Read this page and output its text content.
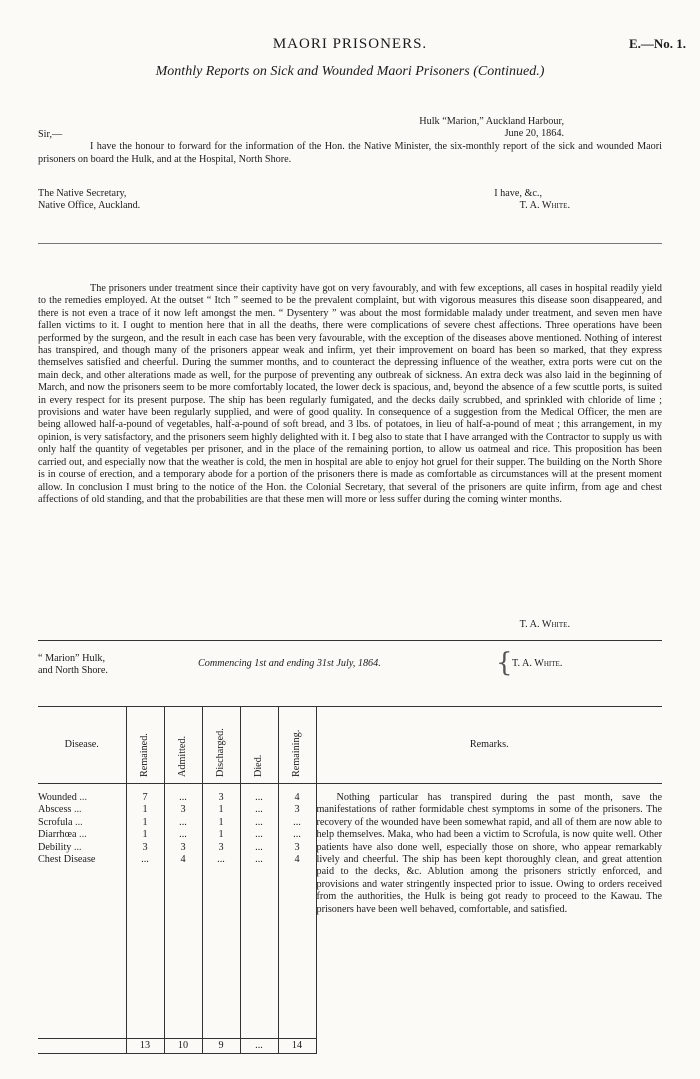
MAORI PRISONERS.	E.—No. 1.
Monthly Reports on Sick and Wounded Maori Prisoners (Continued.)

Hulk “Marion,” Auckland Harbour,

June 20, 1864.

Sir,—

I have the honour to forward for the information of the Hon. the Native Minister, the six-monthly report of the sick and wounded Maori prisoners on board the Hulk, and at the Hospital, North Shore.

The Native Secretary,	I have, &c.,
Native Office, Auckland.	T. A. White.

The prisoners under treatment since their captivity have got on very favourably, and with few exceptions, all cases in hospital readily yield to the remedies employed. At the outset “ Itch ” seemed to be the prevalent complaint, but with vigorous measures this disease soon disappeared, and there is not even a trace of it now left amongst the men. “ Dysentery ” was about the most formidable malady under treatment, and seven men have fallen victims to it. I ought to mention here that in all the deaths, there were complications of severe chest affections. Three operations have been performed by the surgeon, and the result in each case has been very favourable, with the exception of the diseases above mentioned. Nothing of interest has transpired, and though many of the prisoners appear weak and infirm, yet their improvement on board has been so marked, that they express themselves satisfied and cheerful. During the summer months, and to counteract the depressing influence of the weather, extra ports were cut on the main deck, and other alterations made as well, for the purpose of preventing any outbreak of sickness. An extra deck was also laid in the beginning of March, and now the prisoners seem to be more comfortably located, the lower deck is spacious, and, beyond the absence of a few scuttle ports, is suited in every respect for its present purpose. The ship has been regularly fumigated, and the decks daily scrubbed, and sprinkled with chloride of lime ; provisions and water have been regularly supplied, and were of good quality. In consequence of a suggestion from the Medical Officer, the men are being allowed half-a-pound of vegetables, half-a-pound of soft bread, and 3 lbs. of potatoes, in lieu of half-a-pound of meat ; this arrangement, in my opinion, is very satisfactory, and the prisoners seem highly delighted with it. I beg also to state that I have arranged with the Contractor to supply us with only half the quantity of vegetables per prisoner, and in the place of the remaining portion, to allow us oatmeal and rice. This proposition has been carried out, and especially now that the weather is cold, the men in hospital are able to enjoy hot gruel for their supper. The building on the North Shore is in course of erection, and a temporary abode for a portion of the prisoners there is made as comfortable as circumstances will at the present moment allow. In conclusion I must bring to the notice of the Hon. the Colonial Secretary, that several of the prisoners are quite infirm, from age and chest affections of old standing, and that the probabilities are that these men will more or less suffer during the coming winter months.

T. A. White.
“ Marion” Hulk,
and North Shore.
Commencing 1st and ending 31st July, 1864.	{ T. A. White.
Disease.	Remained.	Admitted.	Discharged.	Died.	Remaining.	Remarks.
Wounded ...	7	...	3	...	4	Nothing particular has transpired during the past month, save the manifestations of rather formidable chest symptoms in some of the prisoners. The recovery of the wounded have been somewhat rapid, and all of them are now able to help themselves. Maka, who had been a victim to Scrofula, is now quite well. Other patients have also done well, especially those on shore, who appear remarkably lively and cheerful. The ship has been kept thoroughly clean, and great attention paid to the decks, &c. Ablution among the prisoners strictly enforced, and provisions and water stringently inspected prior to issue. Owing to orders received from the authorities, the Hulk is being got ready to proceed to the Kawau. The prisoners have been well behaved, comfortable, and satisfied.

Abscess ...	1	3	1	...	3	
Scrofula ...	1	...	1	...	...	
Diarrhœa ...	1	...	1	...	...	
Debility ...	3	3	3	...	3	
Chest Disease	...	4	...	...	4	

	13	10	9	...	14	
